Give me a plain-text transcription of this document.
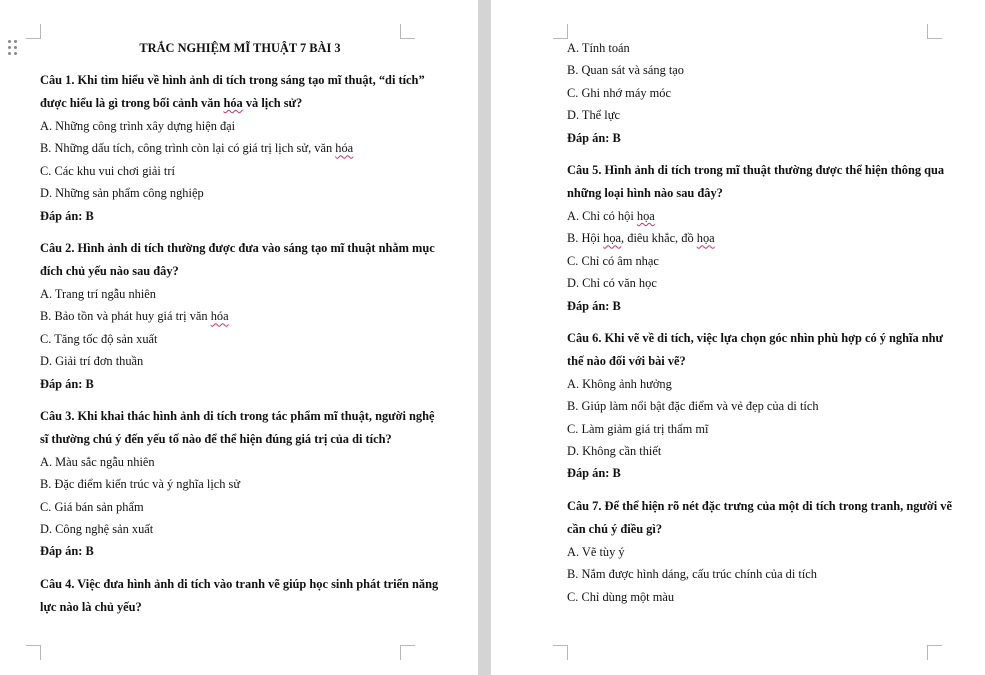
TRẮC NGHIỆM MĨ THUẬT 7 BÀI 3
Câu 1. Khi tìm hiểu về hình ảnh di tích trong sáng tạo mĩ thuật, “di tích” được hiểu là gì trong bối cảnh văn hóa và lịch sử?
A. Những công trình xây dựng hiện đại
B. Những dấu tích, công trình còn lại có giá trị lịch sử, văn hóa
C. Các khu vui chơi giải trí
D. Những sản phẩm công nghiệp
Đáp án: B
Câu 2. Hình ảnh di tích thường được đưa vào sáng tạo mĩ thuật nhằm mục đích chủ yếu nào sau đây?
A. Trang trí ngẫu nhiên
B. Bảo tồn và phát huy giá trị văn hóa
C. Tăng tốc độ sản xuất
D. Giải trí đơn thuần
Đáp án: B
Câu 3. Khi khai thác hình ảnh di tích trong tác phẩm mĩ thuật, người nghệ sĩ thường chú ý đến yếu tố nào để thể hiện đúng giá trị của di tích?
A. Màu sắc ngẫu nhiên
B. Đặc điểm kiến trúc và ý nghĩa lịch sử
C. Giá bán sản phẩm
D. Công nghệ sản xuất
Đáp án: B
Câu 4. Việc đưa hình ảnh di tích vào tranh vẽ giúp học sinh phát triển năng lực nào là chủ yếu?
A. Tính toán
B. Quan sát và sáng tạo
C. Ghi nhớ máy móc
D. Thể lực
Đáp án: B
Câu 5. Hình ảnh di tích trong mĩ thuật thường được thể hiện thông qua những loại hình nào sau đây?
A. Chỉ có hội họa
B. Hội họa, điêu khắc, đồ họa
C. Chỉ có âm nhạc
D. Chỉ có văn học
Đáp án: B
Câu 6. Khi vẽ về di tích, việc lựa chọn góc nhìn phù hợp có ý nghĩa như thế nào đối với bài vẽ?
A. Không ảnh hưởng
B. Giúp làm nổi bật đặc điểm và vẻ đẹp của di tích
C. Làm giảm giá trị thẩm mĩ
D. Không cần thiết
Đáp án: B
Câu 7. Để thể hiện rõ nét đặc trưng của một di tích trong tranh, người vẽ cần chú ý điều gì?
A. Vẽ tùy ý
B. Nắm được hình dáng, cấu trúc chính của di tích
C. Chỉ dùng một màu
